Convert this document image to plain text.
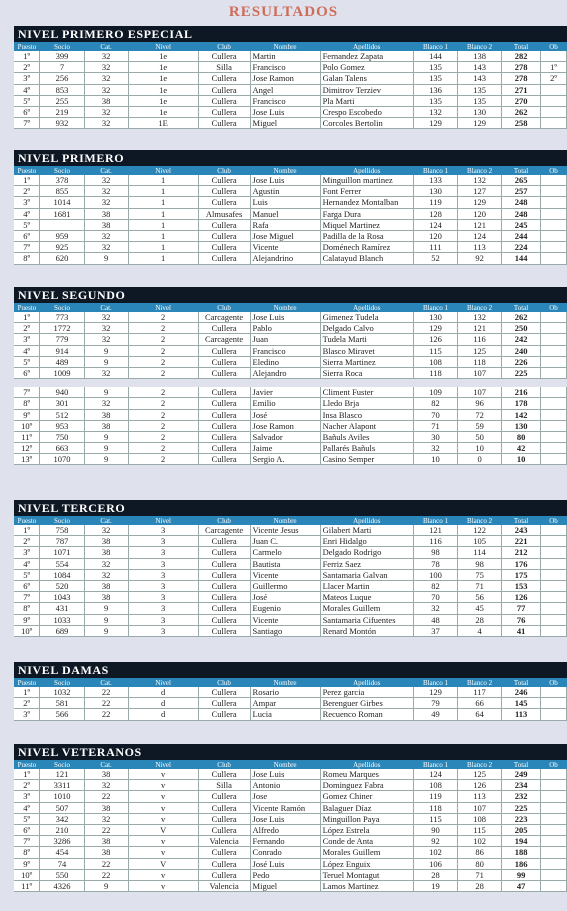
RESULTADOS
NIVEL PRIMERO ESPECIAL
Puesto	Socio	Cat.	Nivel	Club	Nombre	Apellidos	Blanco 1	Blanco 2	Total	Ob
1º	399	32	1e	Cullera	Martin	Fernandez Zapata	144	138	282	
2º	7	32	1e	Silla	Francisco	Polo Gomez	135	143	278	1º
3º	256	32	1e	Cullera	Jose Ramon	Galan Talens	135	143	278	2º
4º	853	32	1e	Cullera	Angel	Dimitrov Terziev	136	135	271	
5º	255	38	1e	Cullera	Francisco	Pla Marti	135	135	270	
6º	219	32	1e	Cullera	Jose Luis	Crespo Escobedo	132	130	262	
7º	932	32	1E	Cullera	Miguel	Corcoles Bertolin	129	129	258	
NIVEL PRIMERO
Puesto	Socio	Cat.	Nivel	Club	Nombre	Apellidos	Blanco 1	Blanco 2	Total	Ob
1º	378	32	1	Cullera	Jose Luis	Minguillon martinez	133	132	265	
2º	855	32	1	Cullera	Agustin	Font Ferrer	130	127	257	
3º	1014	32	1	Cullera	Luis	Hernandez Montalban	119	129	248	
4º	1681	38	1	Almusafes	Manuel	Farga Dura	128	120	248	
5º		38	1	Cullera	Rafa	Miquel Martinez	124	121	245	
6º	959	32	1	Cullera	Jose Miguel	Padilla de la Rosa	120	124	244	
7º	925	32	1	Cullera	Vicente	Doménech Ramírez	111	113	224	
8º	620	9	1	Cullera	Alejandrino	Calatayud Blanch	52	92	144	
NIVEL SEGUNDO
Puesto	Socio	Cat.	Nivel	Club	Nombre	Apellidos	Blanco 1	Blanco 2	Total	Ob
1º	773	32	2	Carcagente	Jose Luis	Gimenez Tudela	130	132	262	
2º	1772	32	2	Cullera	Pablo	Delgado Calvo	129	121	250	
3º	779	32	2	Carcagente	Juan	Tudela Marti	126	116	242	
4º	914	9	2	Cullera	Francisco	Blasco Miravet	115	125	240	
5º	489	9	2	Cullera	Eledino	Sierra Martinez	108	118	226	
6º	1009	32	2	Cullera	Alejandro	Sierra Roca	118	107	225	

7º	940	9	2	Cullera	Javier	Climent Fuster	109	107	216	
8º	301	32	2	Cullera	Emilio	Lledo Brja	82	96	178	
9º	512	38	2	Cullera	José	Insa Blasco	70	72	142	
10º	953	38	2	Cullera	Jose Ramon	Nacher Alapont	71	59	130	
11º	750	9	2	Cullera	Salvador	Bañuls Aviles	30	50	80	
12º	663	9	2	Cullera	Jaime	Pallarés Bañuls	32	10	42	
13º	1070	9	2	Cullera	Sergio A.	Casino Semper	10	0	10	
NIVEL TERCERO
Puesto	Socio	Cat.	Nivel	Club	Nombre	Apellidos	Blanco 1	Blanco 2	Total	Ob
1º	758	32	3	Carcagente	Vicente Jesus	Gilabert Marti	121	122	243	
2º	787	38	3	Cullera	Juan C.	Enri Hidalgo	116	105	221	
3º	1071	38	3	Cullera	Carmelo	Delgado Rodrigo	98	114	212	
4º	554	32	3	Cullera	Bautista	Ferriz Saez	78	98	176	
5º	1084	32	3	Cullera	Vicente	Santamaria Galvan	100	75	175	
6º	520	38	3	Cullera	Guillermo	Llacer Martin	82	71	153	
7º	1043	38	3	Cullera	José	Mateos Luque	70	56	126	
8º	431	9	3	Cullera	Eugenio	Morales Guillem	32	45	77	
9º	1033	9	3	Cullera	Vicente	Santamaria Cifuentes	48	28	76	
10º	689	9	3	Cullera	Santiago	Renard Montón	37	4	41	
NIVEL DAMAS
Puesto	Socio	Cat.	Nivel	Club	Nombre	Apellidos	Blanco 1	Blanco 2	Total	Ob
1º	1032	22	d	Cullera	Rosario	Perez garcia	129	117	246	
2º	581	22	d	Cullera	Ampar	Berenguer Girbes	79	66	145	
3º	566	22	d	Cullera	Lucia	Recuenco Roman	49	64	113	
NIVEL VETERANOS
Puesto	Socio	Cat.	Nivel	Club	Nombre	Apellidos	Blanco 1	Blanco 2	Total	Ob
1º	121	38	v	Cullera	Jose Luis	Romeu Marques	124	125	249	
2º	3311	32	v	Silla	Antonio	Dominguez Fabra	108	126	234	
3º	1010	22	v	Cullera	Jose	Gomez Chiner	119	113	232	
4º	507	38	v	Cullera	Vicente Ramón	Balaguer Díaz	118	107	225	
5º	342	32	v	Cullera	Jose Luis	Minguillon Paya	115	108	223	
6º	210	22	V	Cullera	Alfredo	López Estrela	90	115	205	
7º	3286	38	v	Valencia	Fernando	Conde de Anta	92	102	194	
8º	454	38	v	Cullera	Conrado	Morales Guillem	102	86	188	
9º	74	22	V	Cullera	José Luis	López Enguix	106	80	186	
10º	550	22	v	Cullera	Pedo	Teruel Montagut	28	71	99	
11º	4326	9	v	Valencia	Miguel	Lamos Martinez	19	28	47	
